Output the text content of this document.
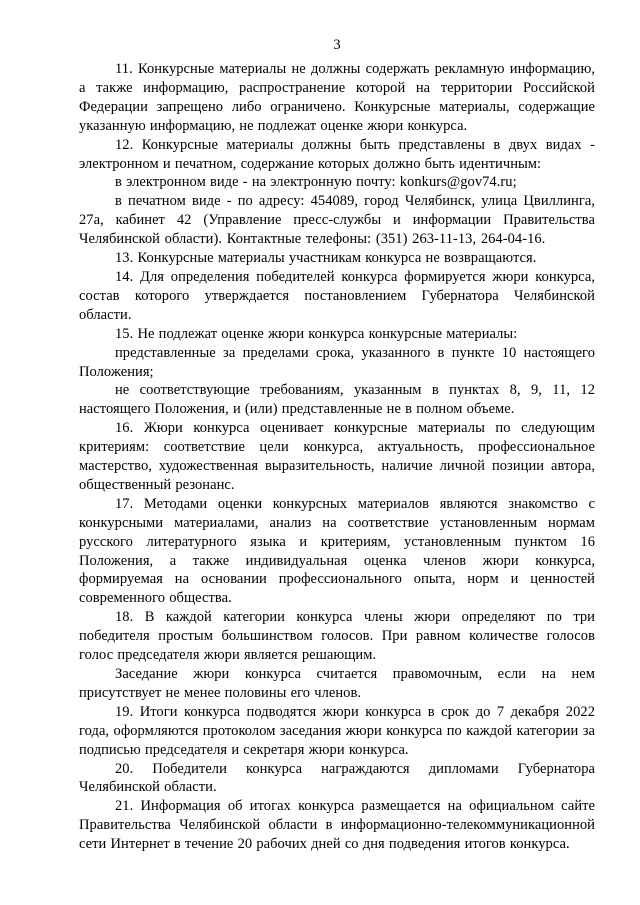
3

11. Конкурсные материалы не должны содержать рекламную информацию, а также информацию, распространение которой на территории Российской Федерации запрещено либо ограничено. Конкурсные материалы, содержащие указанную информацию, не подлежат оценке жюри конкурса.

12. Конкурсные материалы должны быть представлены в двух видах - электронном и печатном, содержание которых должно быть идентичным:

в электронном виде - на электронную почту: konkurs@gov74.ru;

в печатном виде - по адресу: 454089, город Челябинск, улица Цвиллинга, 27а, кабинет 42 (Управление пресс-службы и информации Правительства Челябинской области). Контактные телефоны: (351) 263-11-13, 264-04-16.

13. Конкурсные материалы участникам конкурса не возвращаются.

14. Для определения победителей конкурса формируется жюри конкурса, состав которого утверждается постановлением Губернатора Челябинской области.

15. Не подлежат оценке жюри конкурса конкурсные материалы:

представленные за пределами срока, указанного в пункте 10 настоящего Положения;

не соответствующие требованиям, указанным в пунктах 8, 9, 11, 12 настоящего Положения, и (или) представленные не в полном объеме.

16. Жюри конкурса оценивает конкурсные материалы по следующим критериям: соответствие цели конкурса, актуальность, профессиональное мастерство, художественная выразительность, наличие личной позиции автора, общественный резонанс.

17. Методами оценки конкурсных материалов являются знакомство с конкурсными материалами, анализ на соответствие установленным нормам русского литературного языка и критериям, установленным пунктом 16 Положения, а также индивидуальная оценка членов жюри конкурса, формируемая на основании профессионального опыта, норм и ценностей современного общества.

18. В каждой категории конкурса члены жюри определяют по три победителя простым большинством голосов. При равном количестве голосов голос председателя жюри является решающим.

Заседание жюри конкурса считается правомочным, если на нем присутствует не менее половины его членов.

19. Итоги конкурса подводятся жюри конкурса в срок до 7 декабря 2022 года, оформляются протоколом заседания жюри конкурса по каждой категории за подписью председателя и секретаря жюри конкурса.

20. Победители конкурса награждаются дипломами Губернатора Челябинской области.

21. Информация об итогах конкурса размещается на официальном сайте Правительства Челябинской области в информационно-телекоммуникационной сети Интернет в течение 20 рабочих дней со дня подведения итогов конкурса.
